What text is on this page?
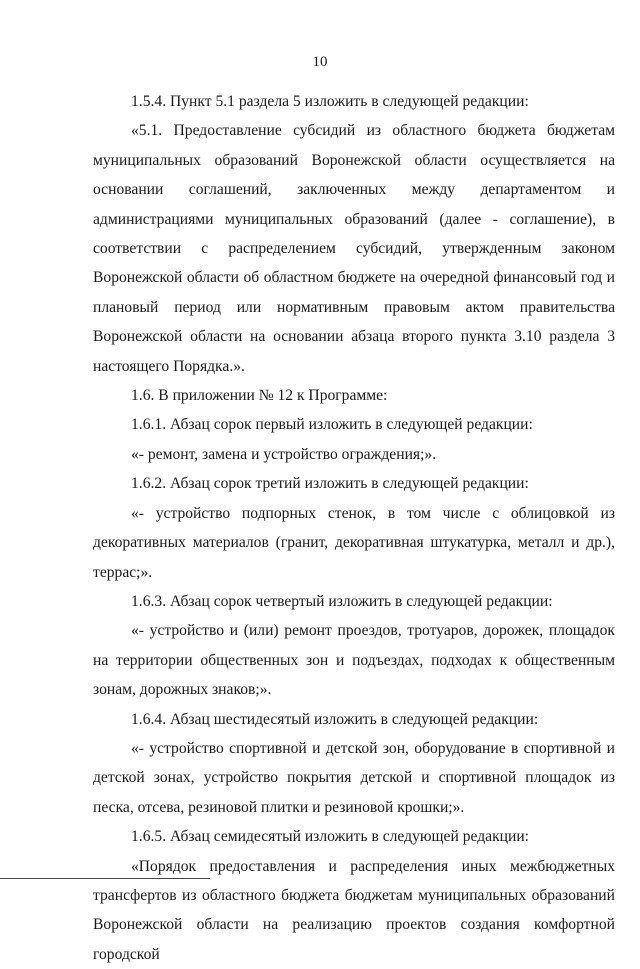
10

1.5.4. Пункт 5.1 раздела 5 изложить в следующей редакции:

«5.1. Предоставление субсидий из областного бюджета бюджетам муниципальных образований Воронежской области осуществляется на основании соглашений, заключенных между департаментом и администрациями муниципальных образований (далее - соглашение), в соответствии с распределением субсидий, утвержденным законом Воронежской области об областном бюджете на очередной финансовый год и плановый период или нормативным правовым актом правительства Воронежской области на основании абзаца второго пункта 3.10 раздела 3 настоящего Порядка.».

1.6. В приложении № 12 к Программе:

1.6.1. Абзац сорок первый изложить в следующей редакции:

«- ремонт, замена и устройство ограждения;».

1.6.2. Абзац сорок третий изложить в следующей редакции:

«- устройство подпорных стенок, в том числе с облицовкой из декоративных материалов (гранит, декоративная штукатурка, металл и др.), террас;».

1.6.3. Абзац сорок четвертый изложить в следующей редакции:

«- устройство и (или) ремонт проездов, тротуаров, дорожек, площадок на территории общественных зон и подъездах, подходах к общественным зонам, дорожных знаков;».

1.6.4. Абзац шестидесятый изложить в следующей редакции:

«- устройство спортивной и детской зон, оборудование в спортивной и детской зонах, устройство покрытия детской и спортивной площадок из песка, отсева, резиновой плитки и резиновой крошки;».

1.6.5. Абзац семидесятый изложить в следующей редакции:

«Порядок предоставления и распределения иных межбюджетных трансфертов из областного бюджета бюджетам муниципальных образований Воронежской области на реализацию проектов создания комфортной городской
